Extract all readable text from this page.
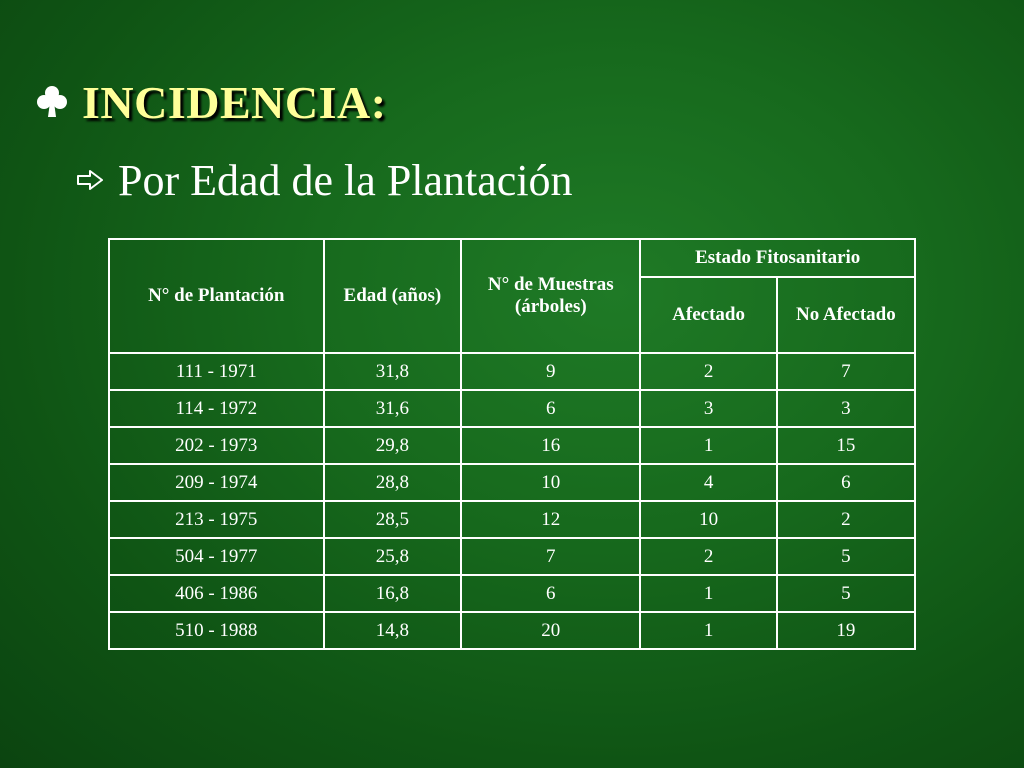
INCIDENCIA:
Por Edad de la Plantación
N° de Plantación	Edad (años)	N° de Muestras (árboles)	Estado Fitosanitario	
			Afectado	No Afectado
111 - 1971	31,8	9	2	7
114 - 1972	31,6	6	3	3
202 - 1973	29,8	16	1	15
209 - 1974	28,8	10	4	6
213 - 1975	28,5	12	10	2
504 - 1977	25,8	7	2	5
406 - 1986	16,8	6	1	5
510 - 1988	14,8	20	1	19
